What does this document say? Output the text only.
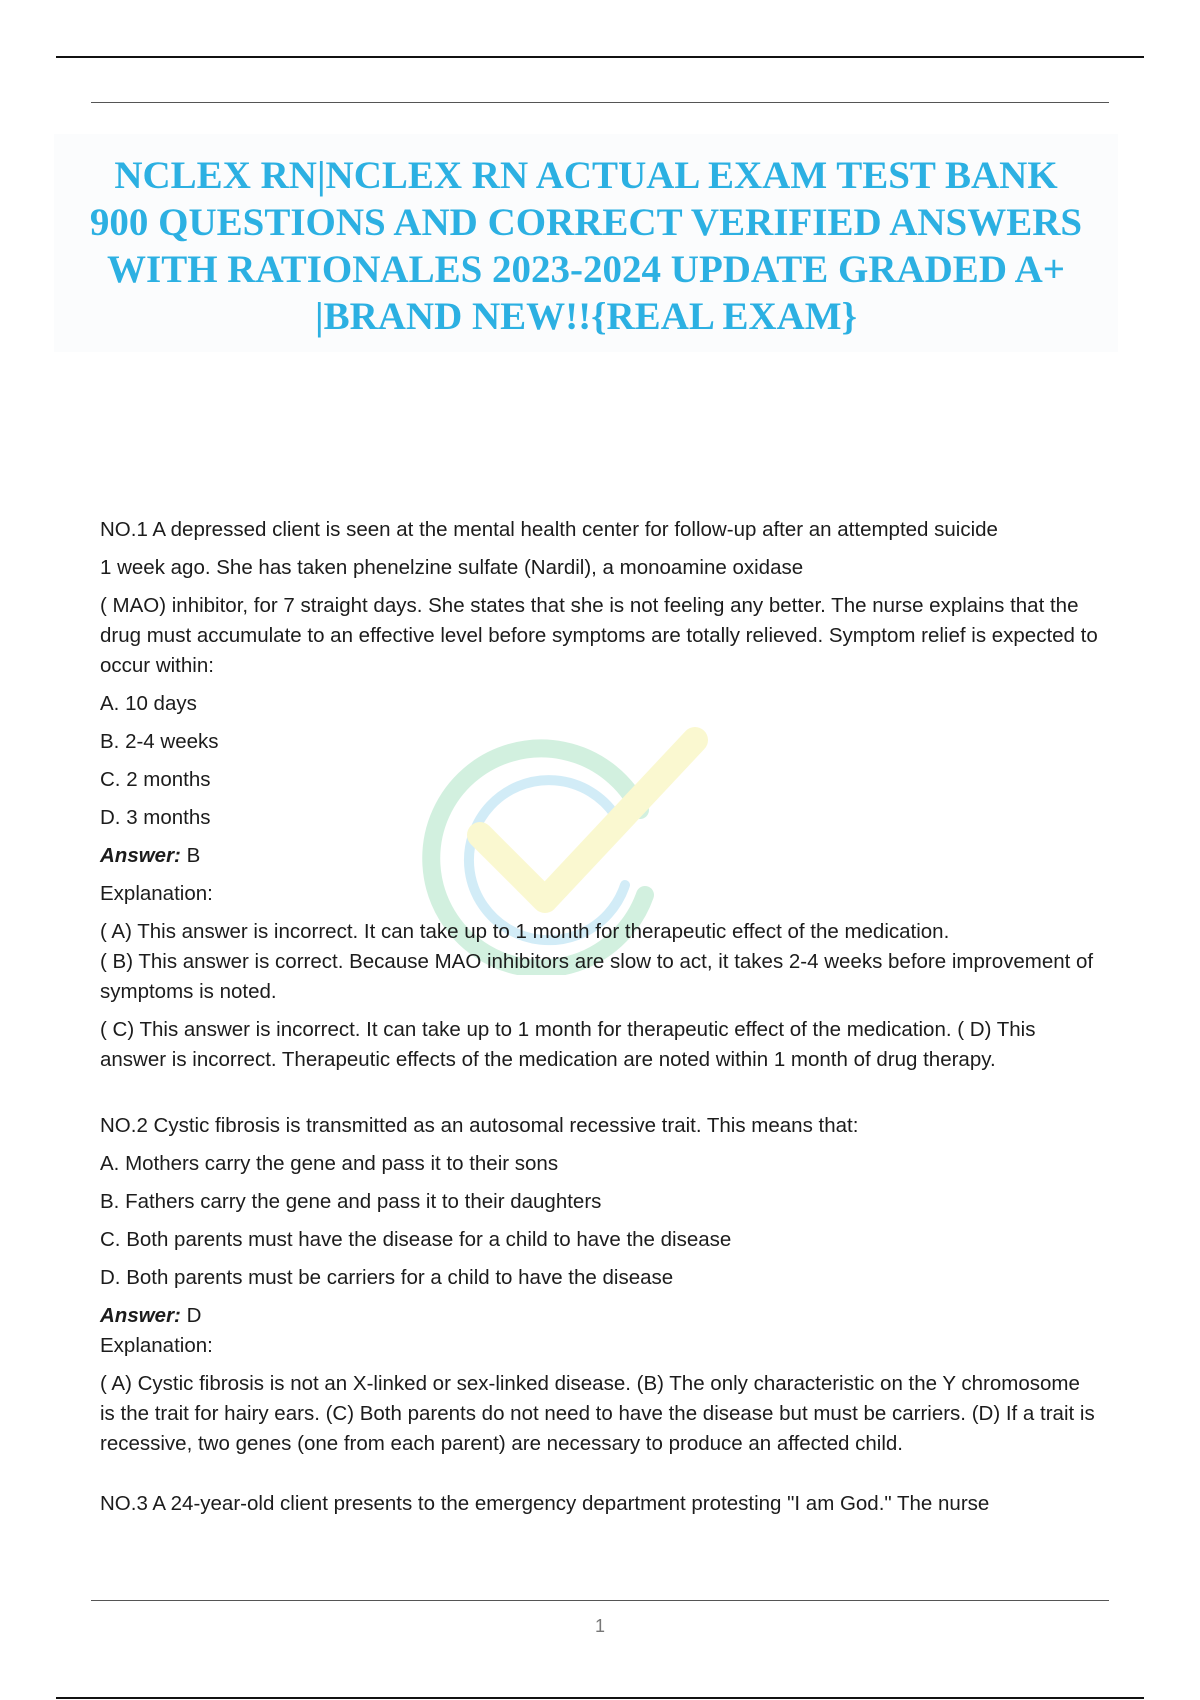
NCLEX RN|NCLEX RN ACTUAL EXAM TEST BANK
900 QUESTIONS AND CORRECT VERIFIED ANSWERS
WITH RATIONALES 2023-2024 UPDATE GRADED A+
|BRAND NEW!!{REAL EXAM}

NO.1 A depressed client is seen at the mental health center for follow-up after an attempted suicide
1 week ago. She has taken phenelzine sulfate (Nardil), a monoamine oxidase
( MAO) inhibitor, for 7 straight days. She states that she is not feeling any better. The nurse explains that the drug must accumulate to an effective level before symptoms are totally relieved. Symptom relief is expected to occur within:

A. 10 days

B. 2-4 weeks

C. 2 months

D. 3 months

Answer: B

Explanation:

( A) This answer is incorrect. It can take up to 1 month for therapeutic effect of the medication.

( B) This answer is correct. Because MAO inhibitors are slow to act, it takes 2-4 weeks before improvement of symptoms is noted.

( C) This answer is incorrect. It can take up to 1 month for therapeutic effect of the medication. ( D) This answer is incorrect. Therapeutic effects of the medication are noted within 1 month of drug therapy.

NO.2 Cystic fibrosis is transmitted as an autosomal recessive trait. This means that:

A. Mothers carry the gene and pass it to their sons

B. Fathers carry the gene and pass it to their daughters

C. Both parents must have the disease for a child to have the disease

D. Both parents must be carriers for a child to have the disease

Answer: D

Explanation:

( A) Cystic fibrosis is not an X-linked or sex-linked disease. (B) The only characteristic on the Y chromosome is the trait for hairy ears. (C) Both parents do not need to have the disease but must be carriers. (D) If a trait is recessive, two genes (one from each parent) are necessary to produce an affected child.

NO.3 A 24-year-old client presents to the emergency department protesting "I am God." The nurse

1
